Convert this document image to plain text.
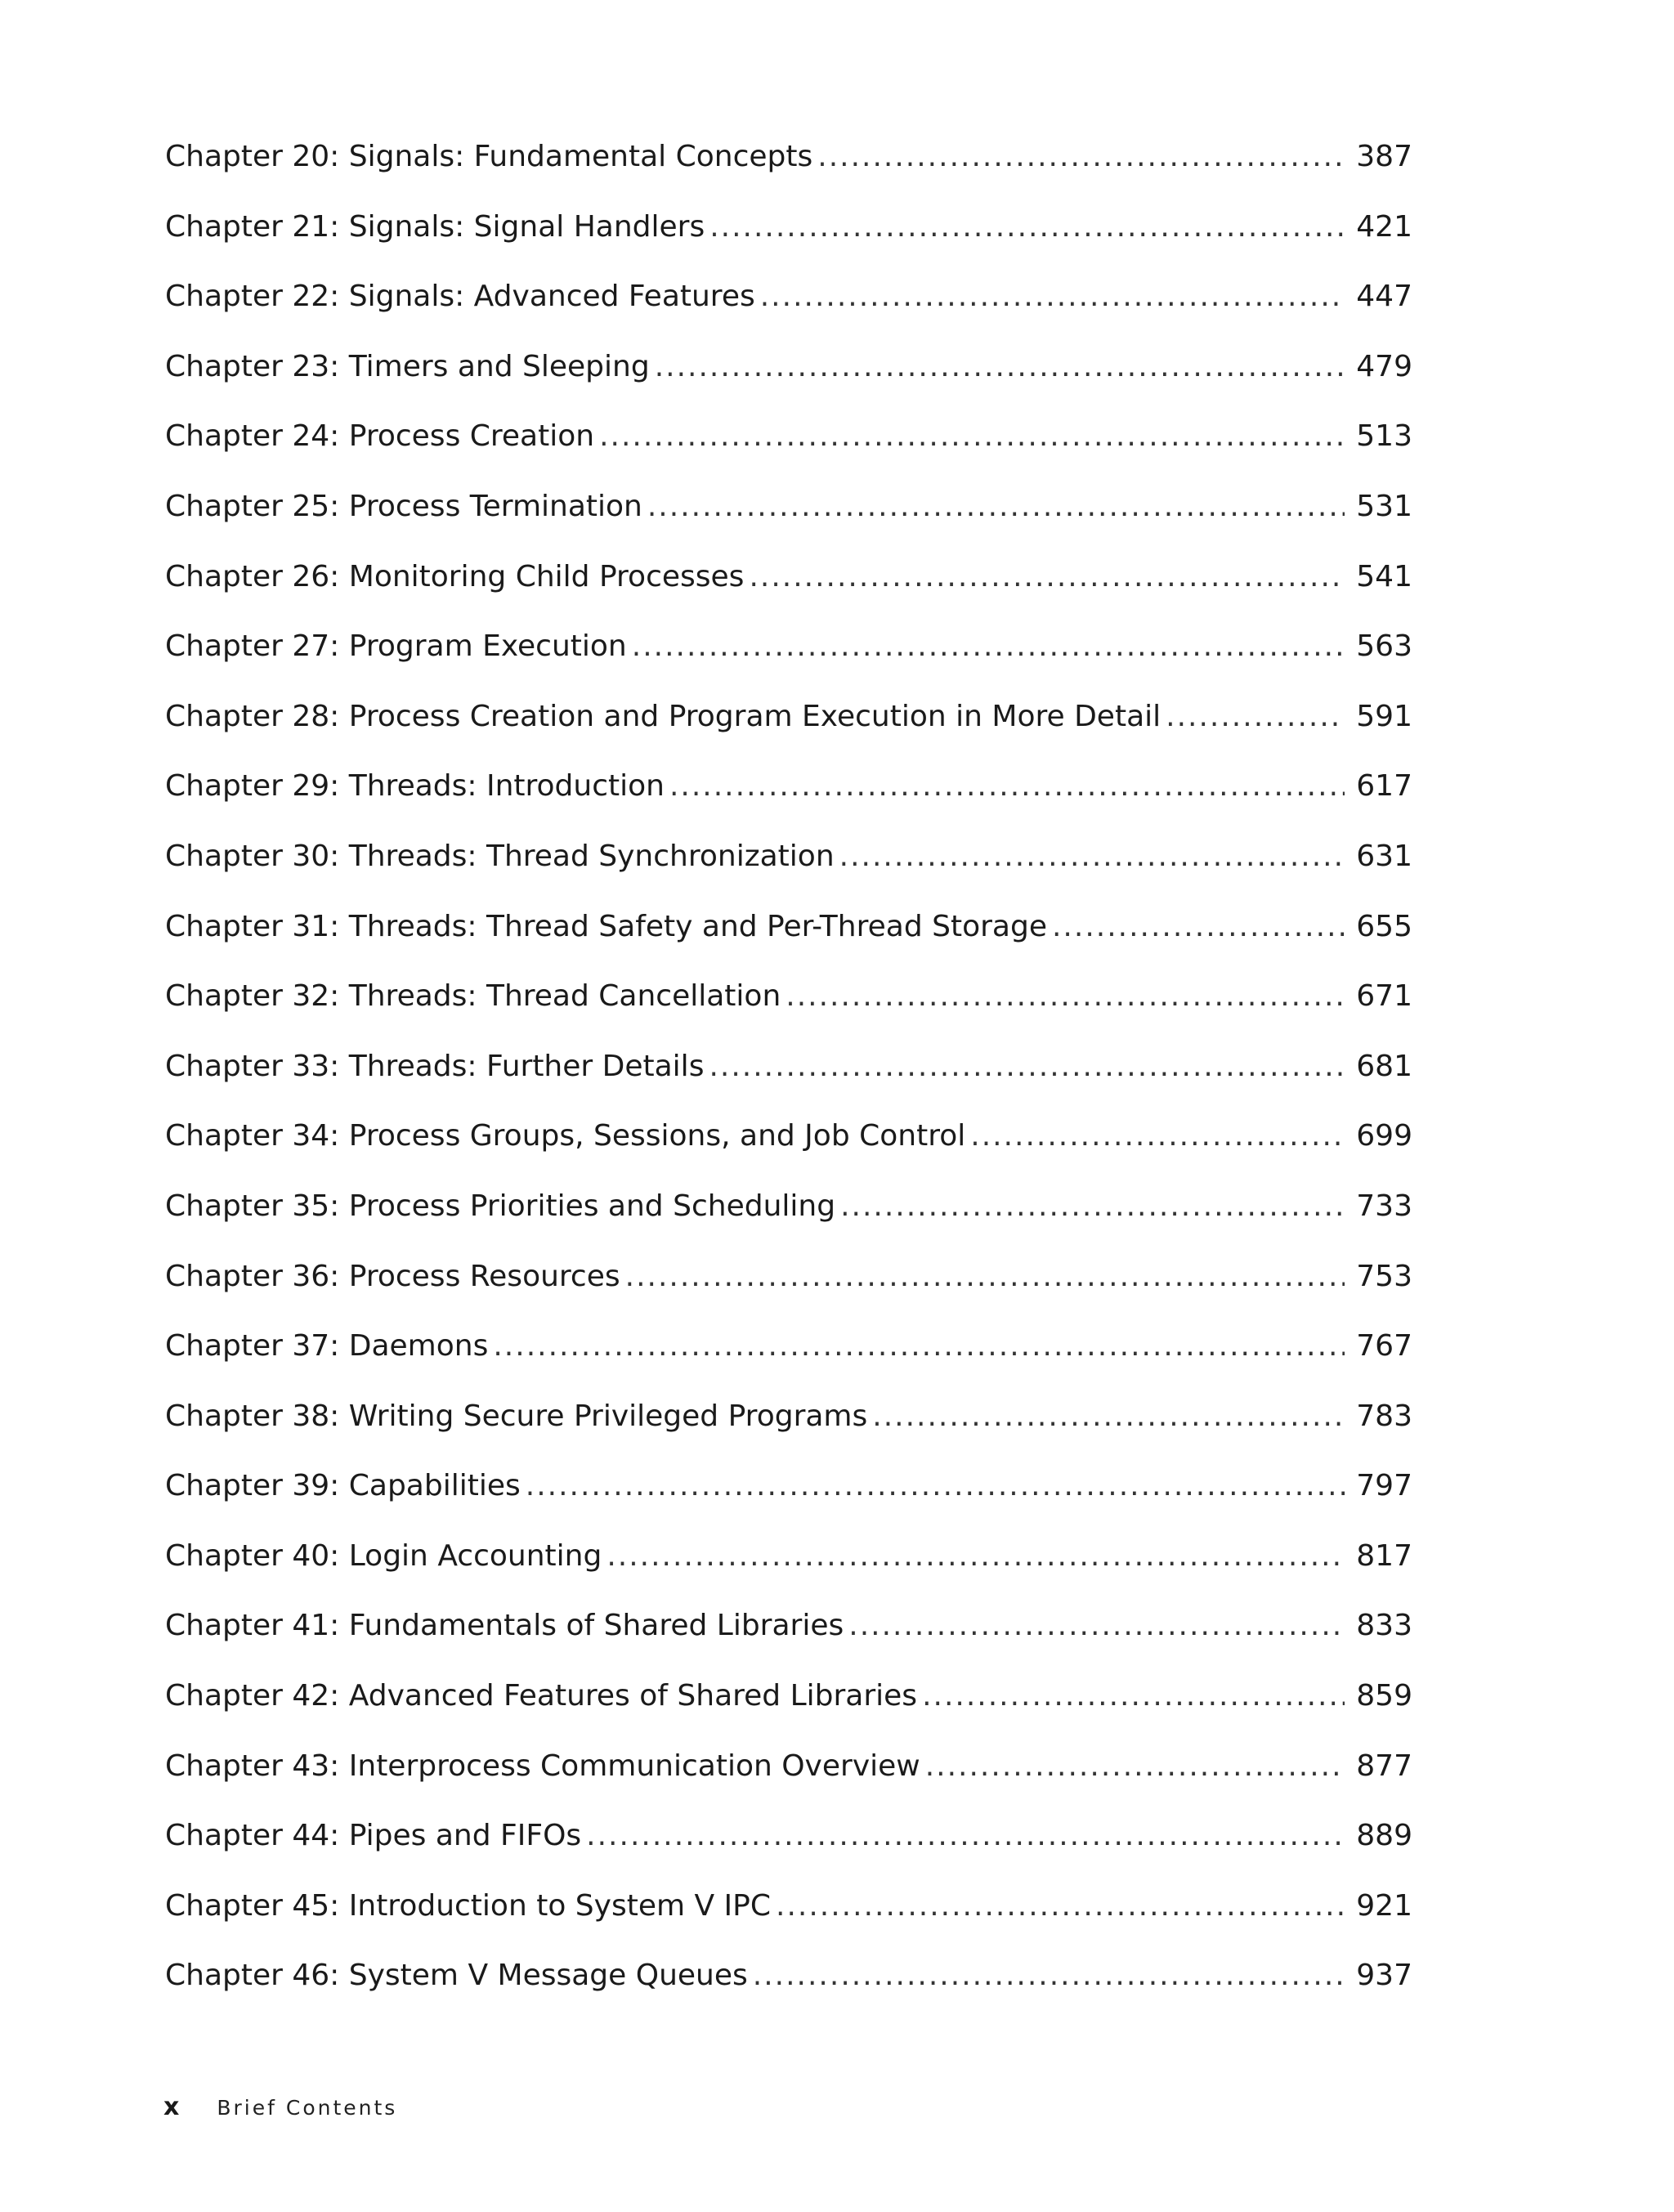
Chapter 20: Signals: Fundamental Concepts .....	387
Chapter 21: Signals: Signal Handlers .....	421
Chapter 22: Signals: Advanced Features .....	447
Chapter 23: Timers and Sleeping .....	479
Chapter 24: Process Creation .....	513
Chapter 25: Process Termination .....	531
Chapter 26: Monitoring Child Processes .....	541
Chapter 27: Program Execution .....	563
Chapter 28: Process Creation and Program Execution in More Detail .....	591
Chapter 29: Threads: Introduction .....	617
Chapter 30: Threads: Thread Synchronization .....	631
Chapter 31: Threads: Thread Safety and Per-Thread Storage .....	655
Chapter 32: Threads: Thread Cancellation .....	671
Chapter 33: Threads: Further Details .....	681
Chapter 34: Process Groups, Sessions, and Job Control .....	699
Chapter 35: Process Priorities and Scheduling .....	733
Chapter 36: Process Resources .....	753
Chapter 37: Daemons .....	767
Chapter 38: Writing Secure Privileged Programs .....	783
Chapter 39: Capabilities .....	797
Chapter 40: Login Accounting .....	817
Chapter 41: Fundamentals of Shared Libraries .....	833
Chapter 42: Advanced Features of Shared Libraries .....	859
Chapter 43: Interprocess Communication Overview .....	877
Chapter 44: Pipes and FIFOs .....	889
Chapter 45: Introduction to System V IPC .....	921
Chapter 46: System V Message Queues .....	937
x Brief Contents
